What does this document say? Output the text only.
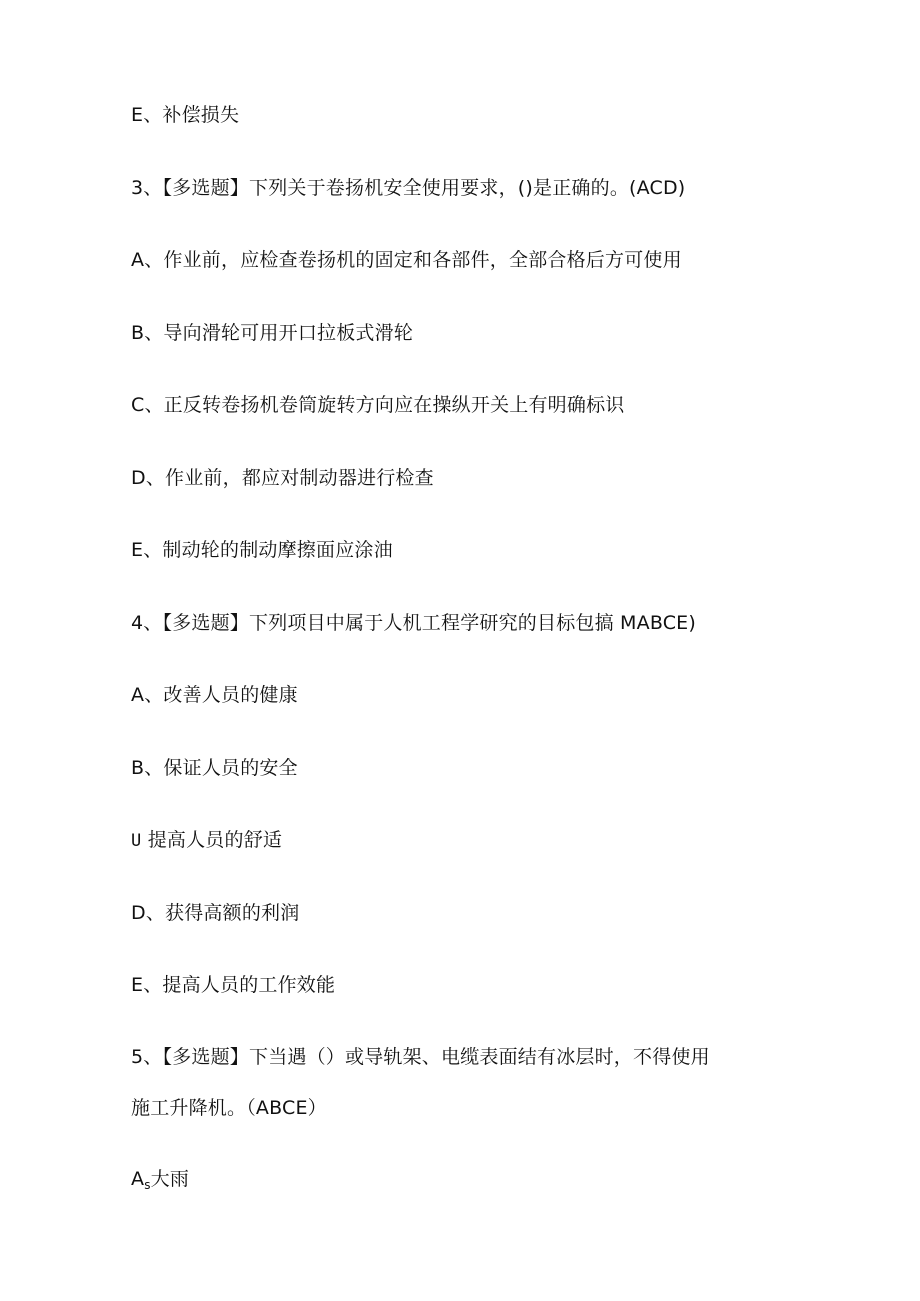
E、补偿损失
3、【多选题】下列关于卷扬机安全使用要求，()是正确的。(ACD)
A、作业前，应检查卷扬机的固定和各部件，全部合格后方可使用
B、导向滑轮可用开口拉板式滑轮
C、正反转卷扬机卷筒旋转方向应在操纵开关上有明确标识
D、作业前，都应对制动器进行检查
E、制动轮的制动摩擦面应涂油
4、【多选题】下列项目中属于人机工程学研究的目标包搞 MABCE)
A、改善人员的健康
B、保证人员的安全
U 提高人员的舒适
D、获得高额的利润
E、提高人员的工作效能
5、【多选题】下当遇（）或导轨架、电缆表面结有冰层时，不得使用
施工升降机。（ABCE）
$A_s$大雨
